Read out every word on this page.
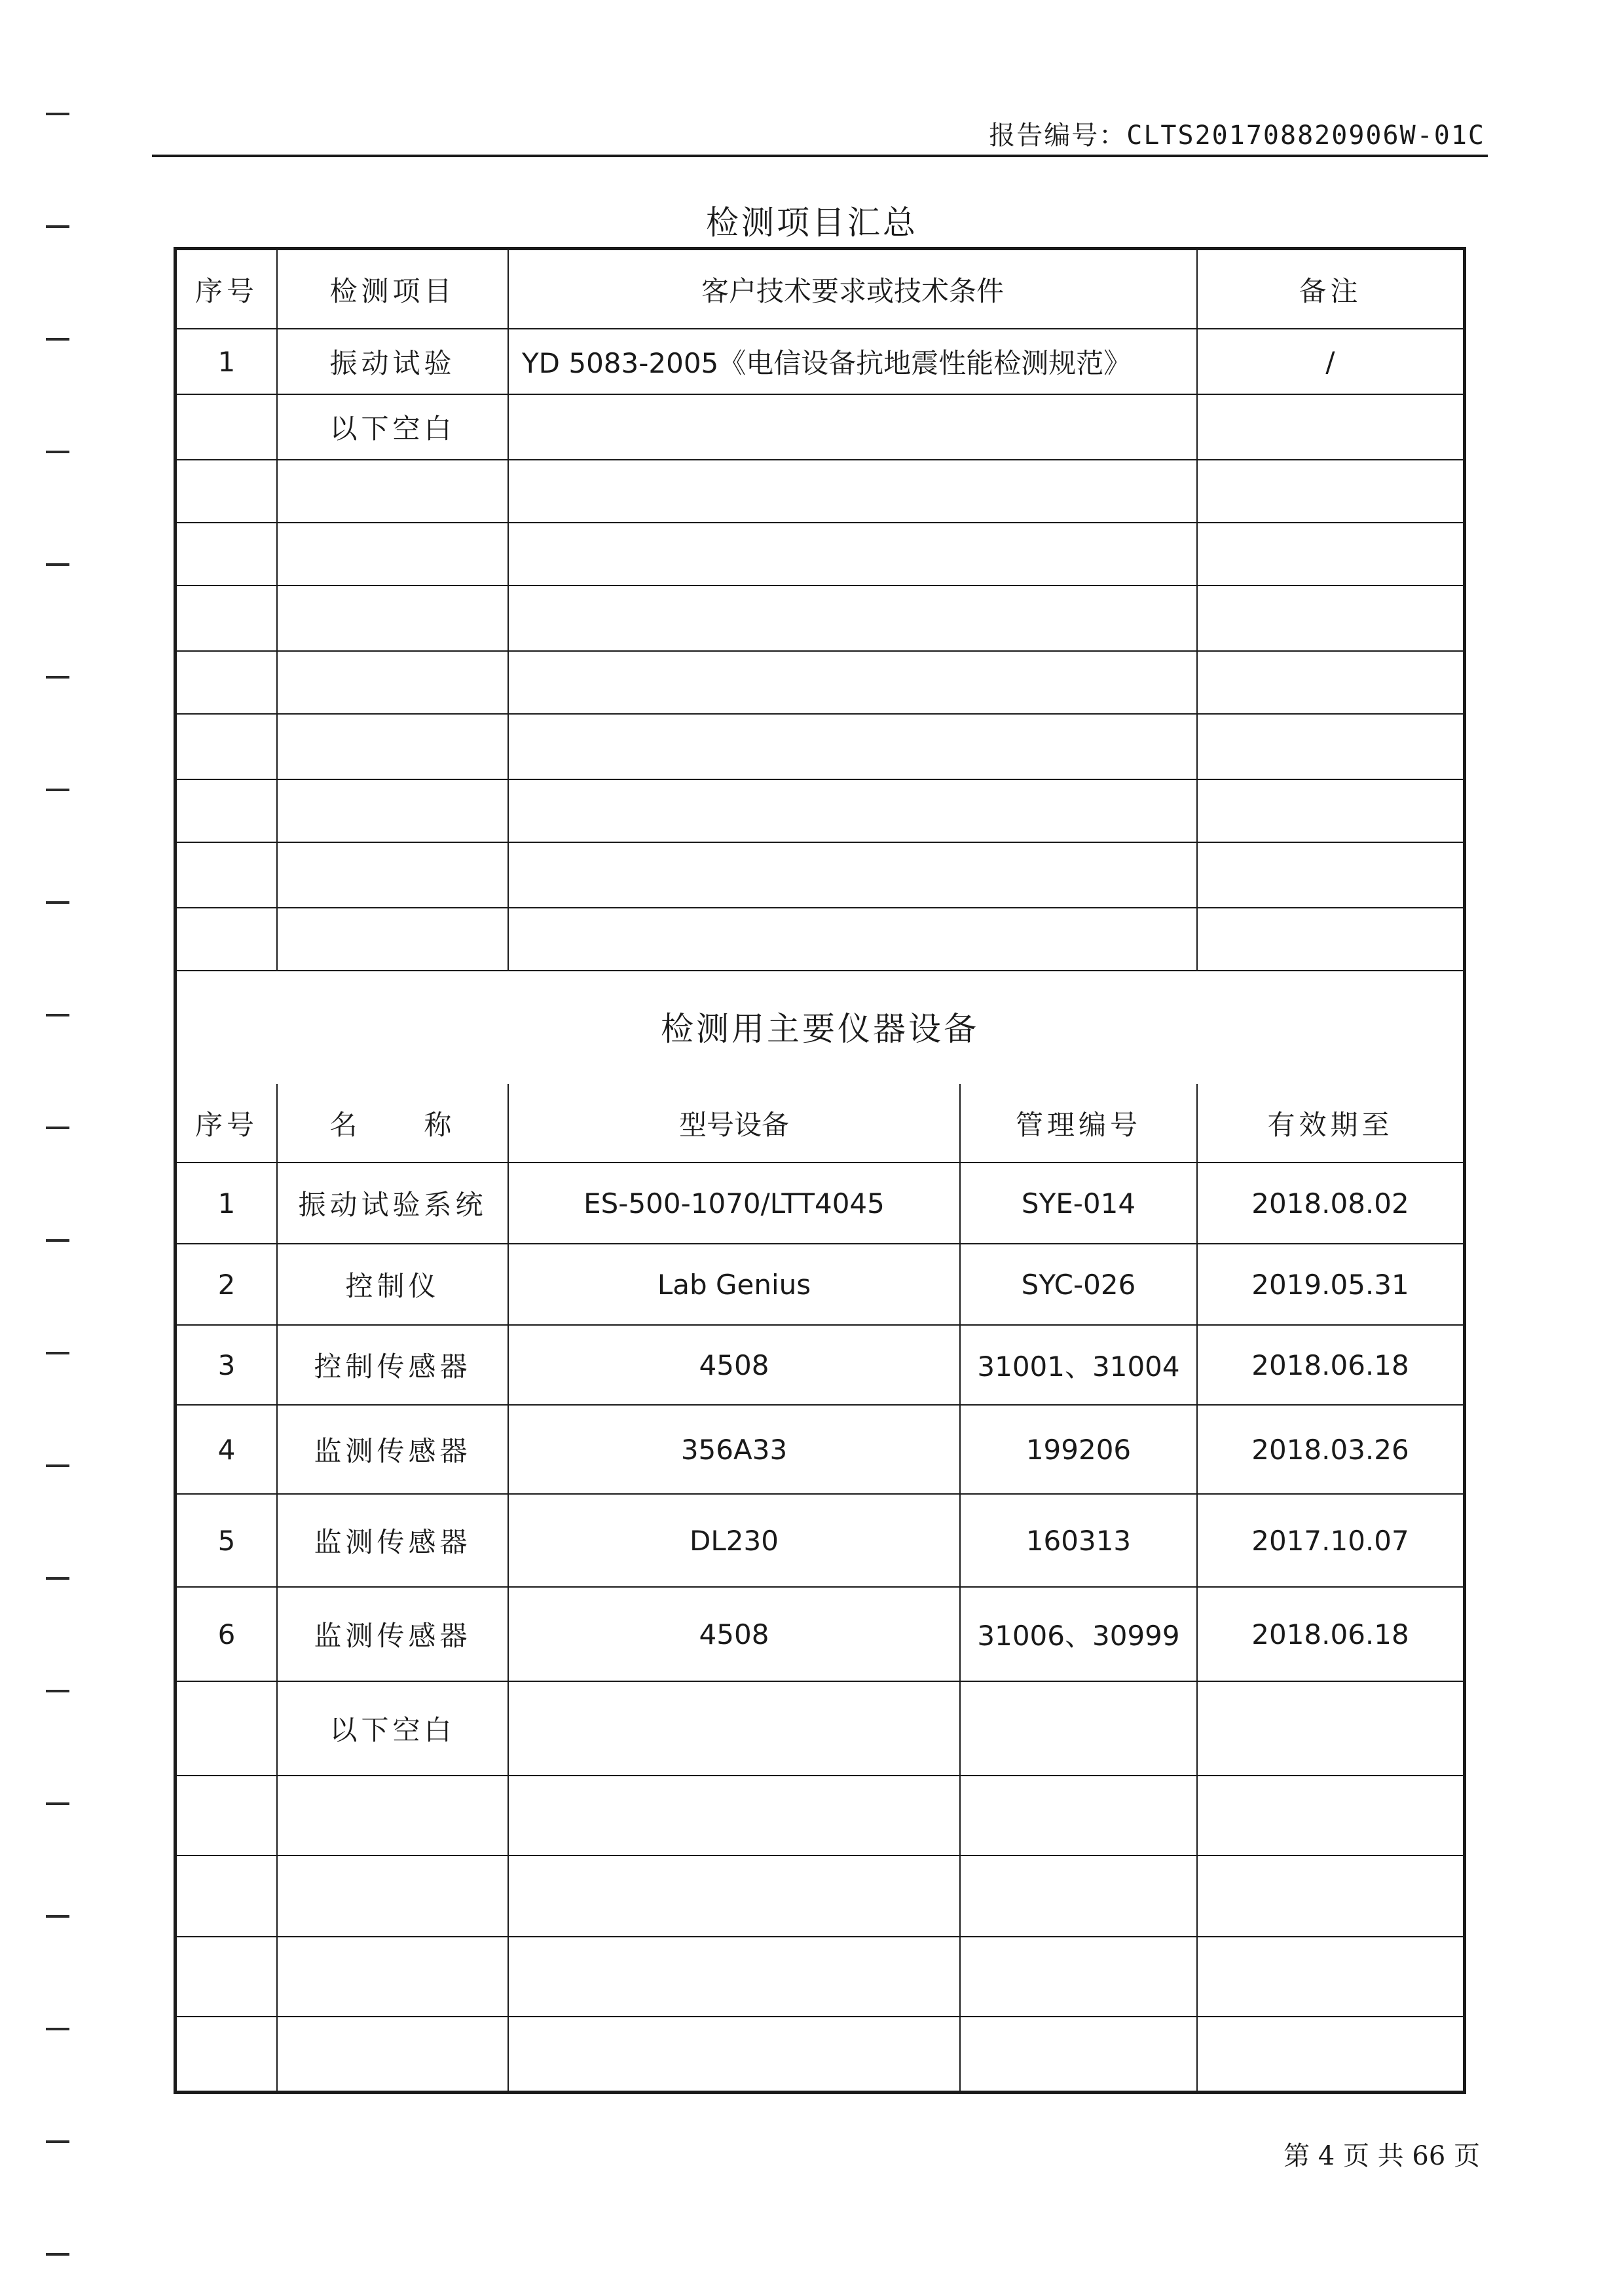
报告编号：CLTS201708820906W-01C
检测项目汇总
序号	检测项目	客户技术要求或技术条件	备注
1	振动试验	YD 5083-2005《电信设备抗地震性能检测规范》	/
	以下空白		

检测用主要仪器设备
序号	名　　称	型号设备	管理编号	有效期至
1	振动试验系统	ES-500-1070/LTT4045	SYE-014	2018.08.02
2	控制仪	Lab Genius	SYC-026	2019.05.31
3	控制传感器	4508	31001、31004	2018.06.18
4	监测传感器	356A33	199206	2018.03.26
5	监测传感器	DL230	160313	2017.10.07
6	监测传感器	4508	31006、30999	2018.06.18
	以下空白			

第 4 页 共 66 页
